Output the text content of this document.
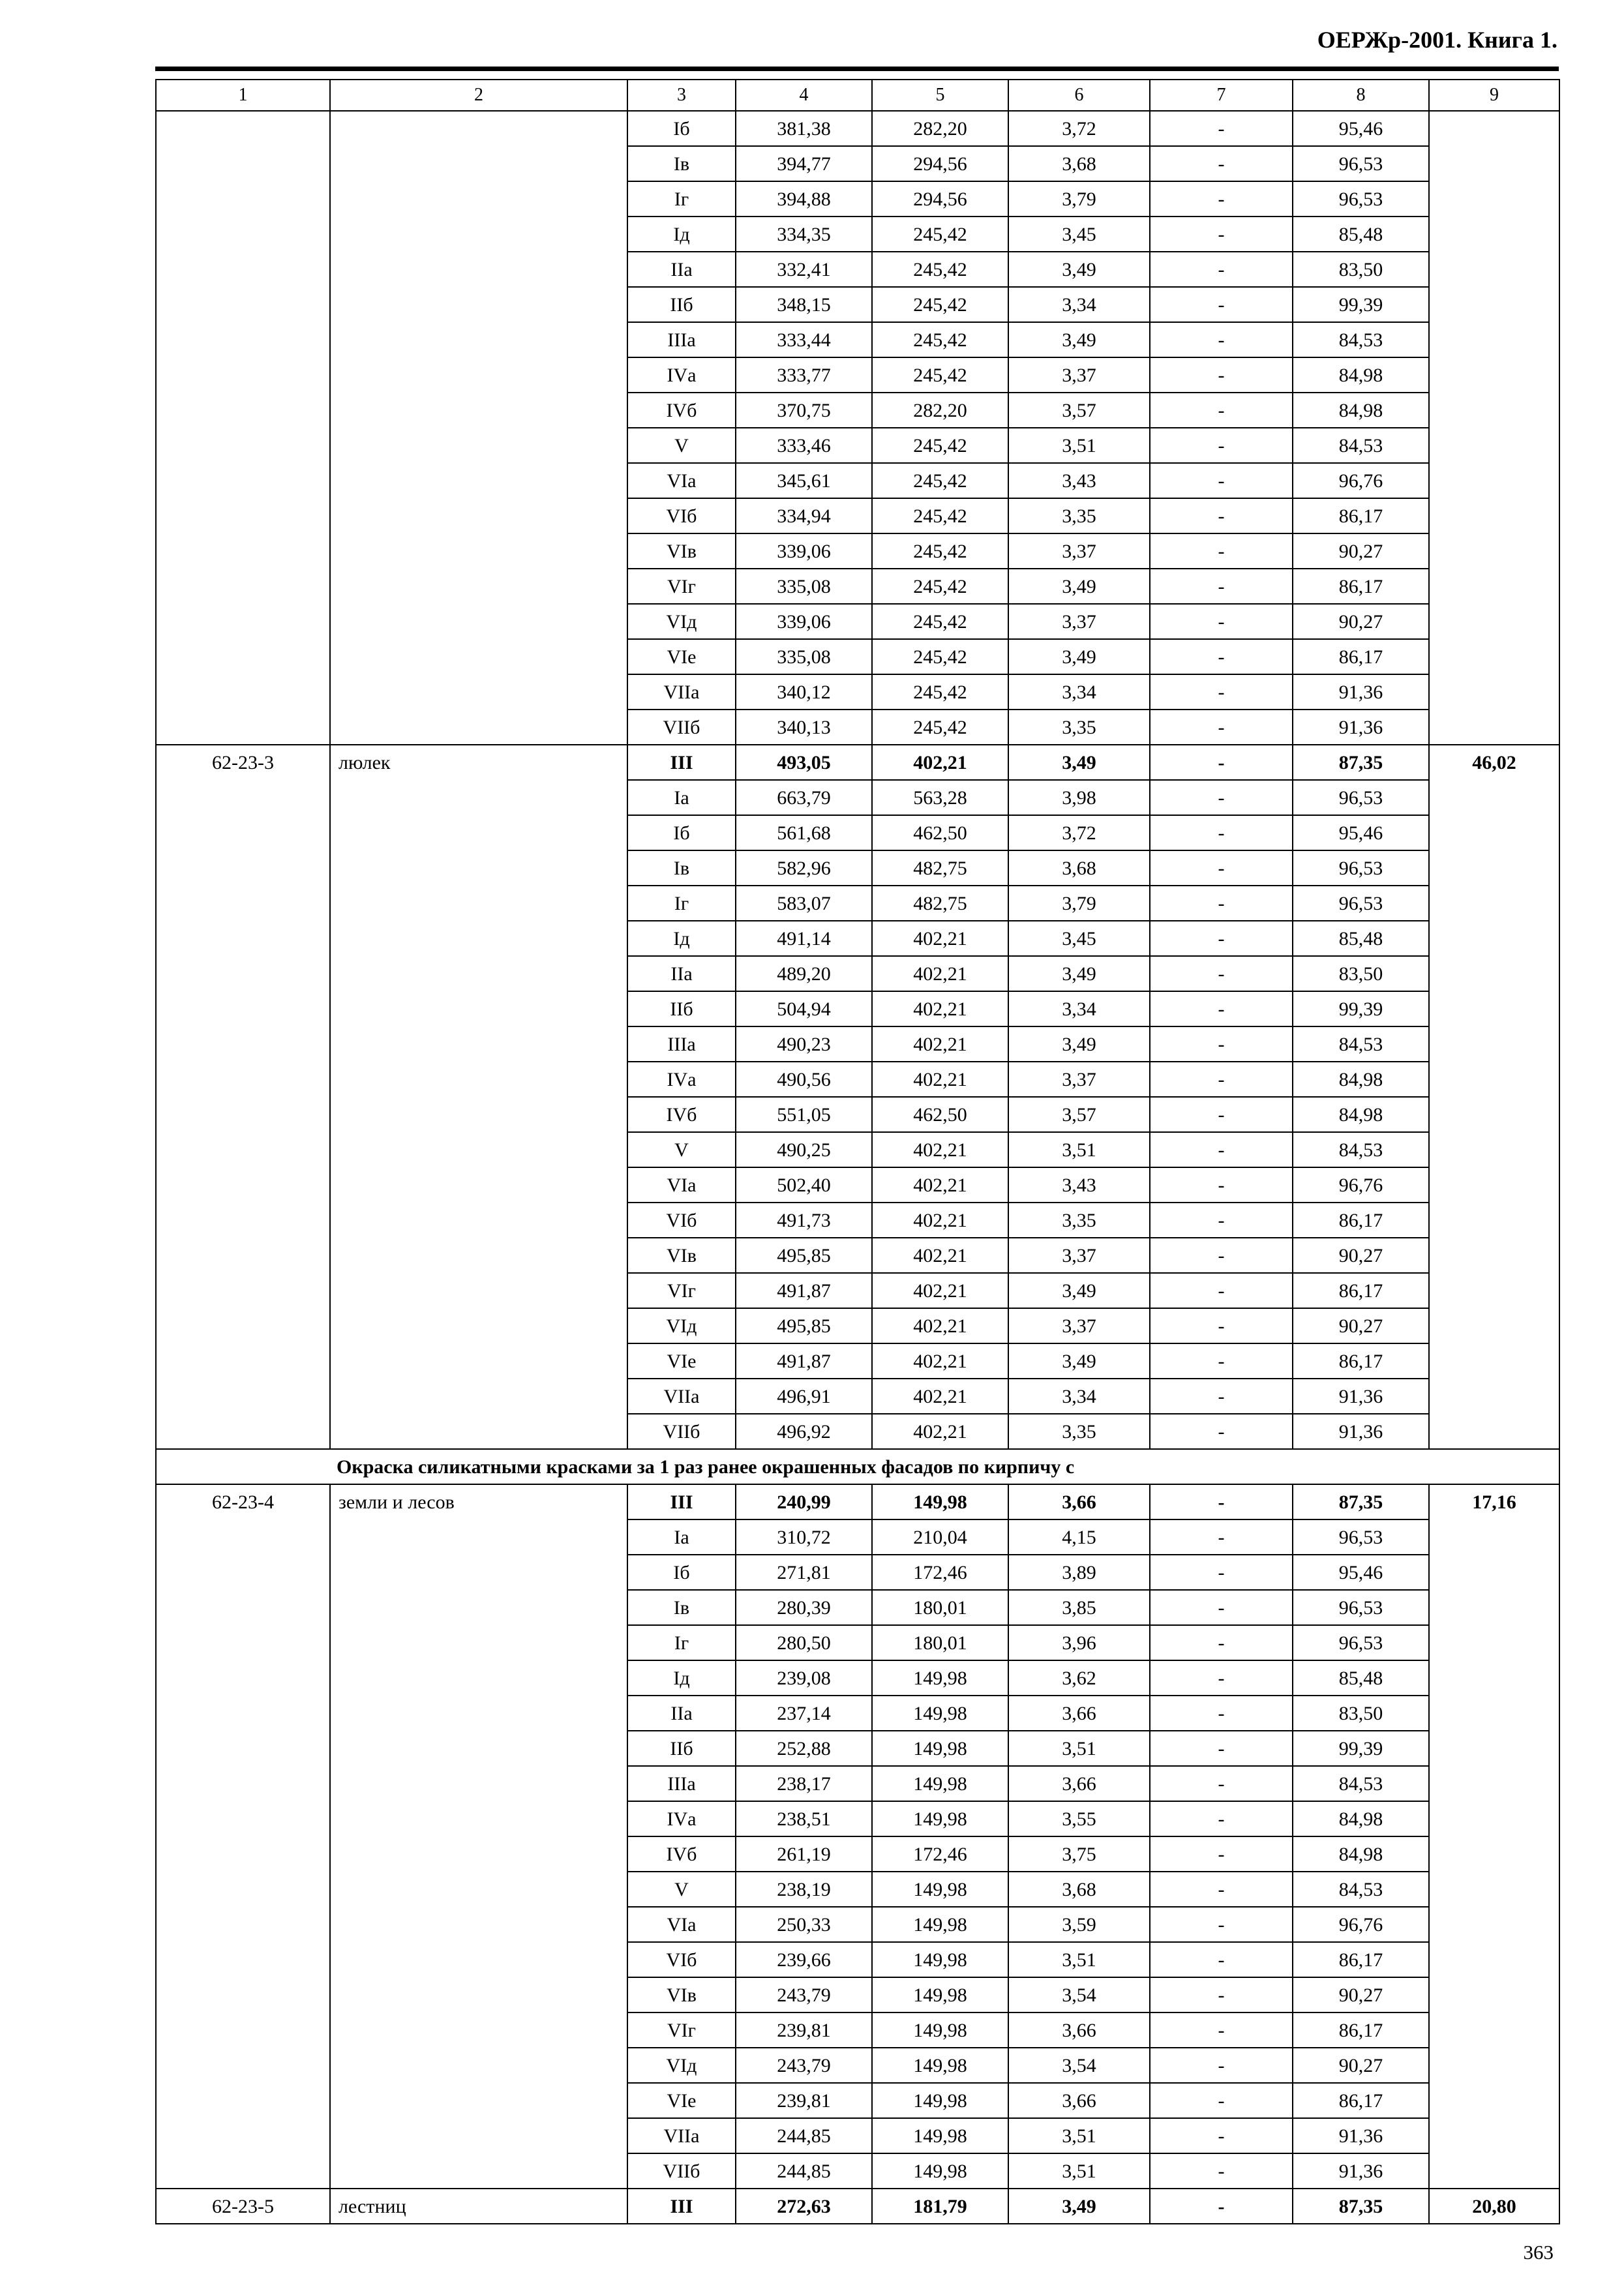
ОЕРЖр-2001. Книга 1.
1	2	3	4	5	6	7	8	9
		Iб	381,38	282,20	3,72	-	95,46	
		Iв	394,77	294,56	3,68	-	96,53	
		Iг	394,88	294,56	3,79	-	96,53	
		Iд	334,35	245,42	3,45	-	85,48	
		IIа	332,41	245,42	3,49	-	83,50	
		IIб	348,15	245,42	3,34	-	99,39	
		IIIа	333,44	245,42	3,49	-	84,53	
		IVа	333,77	245,42	3,37	-	84,98	
		IVб	370,75	282,20	3,57	-	84,98	
		V	333,46	245,42	3,51	-	84,53	
		VIа	345,61	245,42	3,43	-	96,76	
		VIб	334,94	245,42	3,35	-	86,17	
		VIв	339,06	245,42	3,37	-	90,27	
		VIг	335,08	245,42	3,49	-	86,17	
		VIд	339,06	245,42	3,37	-	90,27	
		VIе	335,08	245,42	3,49	-	86,17	
		VIIа	340,12	245,42	3,34	-	91,36	
		VIIб	340,13	245,42	3,35	-	91,36	
62-23-3	люлек	III	493,05	402,21	3,49	-	87,35	46,02
		Iа	663,79	563,28	3,98	-	96,53	
		Iб	561,68	462,50	3,72	-	95,46	
		Iв	582,96	482,75	3,68	-	96,53	
		Iг	583,07	482,75	3,79	-	96,53	
		Iд	491,14	402,21	3,45	-	85,48	
		IIа	489,20	402,21	3,49	-	83,50	
		IIб	504,94	402,21	3,34	-	99,39	
		IIIа	490,23	402,21	3,49	-	84,53	
		IVа	490,56	402,21	3,37	-	84,98	
		IVб	551,05	462,50	3,57	-	84,98	
		V	490,25	402,21	3,51	-	84,53	
		VIа	502,40	402,21	3,43	-	96,76	
		VIб	491,73	402,21	3,35	-	86,17	
		VIв	495,85	402,21	3,37	-	90,27	
		VIг	491,87	402,21	3,49	-	86,17	
		VIд	495,85	402,21	3,37	-	90,27	
		VIе	491,87	402,21	3,49	-	86,17	
		VIIа	496,91	402,21	3,34	-	91,36	
		VIIб	496,92	402,21	3,35	-	91,36	
Окраска силикатными красками за 1 раз ранее окрашенных фасадов по кирпичу с								
62-23-4	земли и лесов	III	240,99	149,98	3,66	-	87,35	17,16
		Iа	310,72	210,04	4,15	-	96,53	
		Iб	271,81	172,46	3,89	-	95,46	
		Iв	280,39	180,01	3,85	-	96,53	
		Iг	280,50	180,01	3,96	-	96,53	
		Iд	239,08	149,98	3,62	-	85,48	
		IIа	237,14	149,98	3,66	-	83,50	
		IIб	252,88	149,98	3,51	-	99,39	
		IIIа	238,17	149,98	3,66	-	84,53	
		IVа	238,51	149,98	3,55	-	84,98	
		IVб	261,19	172,46	3,75	-	84,98	
		V	238,19	149,98	3,68	-	84,53	
		VIа	250,33	149,98	3,59	-	96,76	
		VIб	239,66	149,98	3,51	-	86,17	
		VIв	243,79	149,98	3,54	-	90,27	
		VIг	239,81	149,98	3,66	-	86,17	
		VIд	243,79	149,98	3,54	-	90,27	
		VIе	239,81	149,98	3,66	-	86,17	
		VIIа	244,85	149,98	3,51	-	91,36	
		VIIб	244,85	149,98	3,51	-	91,36	
62-23-5	лестниц	III	272,63	181,79	3,49	-	87,35	20,80
363
